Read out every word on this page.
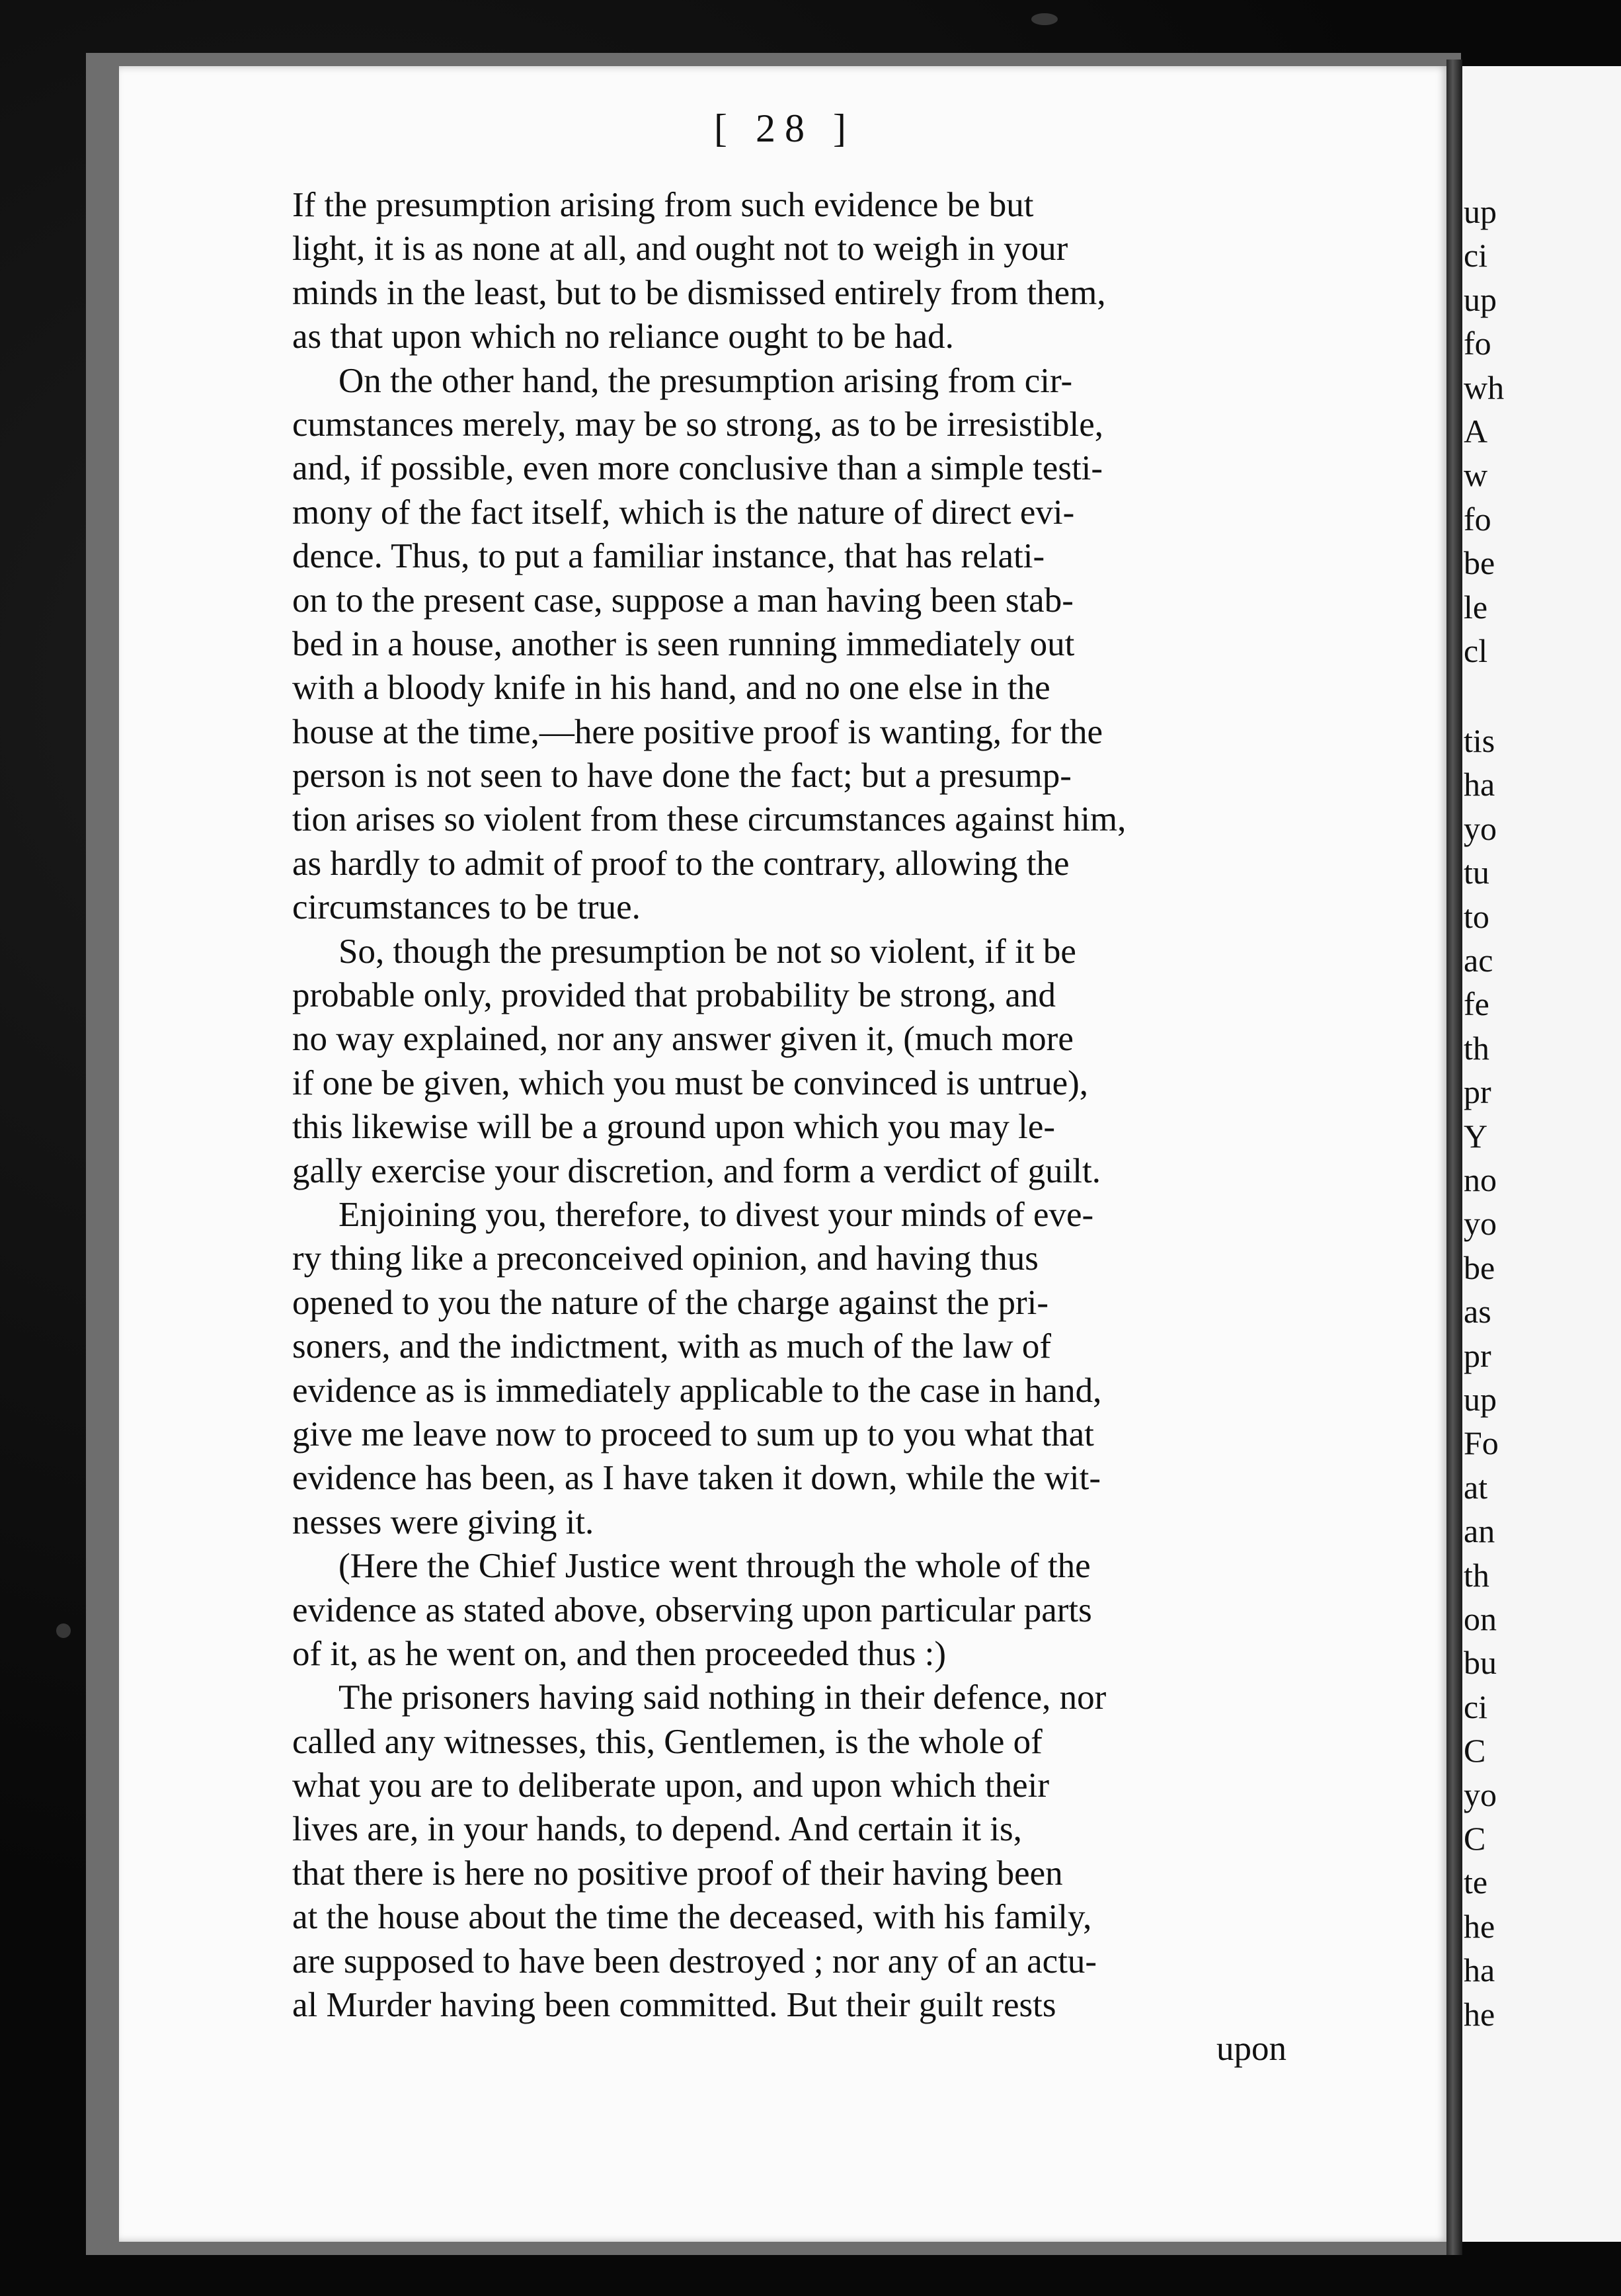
up
ci
up
fo
wh
A
w
fo
be
le
cl
tis
ha
yo
tu
to
ac
fe
th
pr
Y
no
yo
be
as
pr
up
Fo
at
an
th
on
bu
ci
C
yo
C
te
he
ha
he
[ 28 ]
If the presumption arising from such evidence be but
light, it is as none at all, and ought not to weigh in your
minds in the least, but to be dismissed entirely from them,
as that upon which no reliance ought to be had.
On the other hand, the presumption arising from cir-
cumstances merely, may be so strong, as to be irresistible,
and, if possible, even more conclusive than a simple testi-
mony of the fact itself, which is the nature of direct evi-
dence. Thus, to put a familiar instance, that has relati-
on to the present case, suppose a man having been stab-
bed in a house, another is seen running immediately out
with a bloody knife in his hand, and no one else in the
house at the time,—here positive proof is wanting, for the
person is not seen to have done the fact; but a presump-
tion arises so violent from these circumstances against him,
as hardly to admit of proof to the contrary, allowing the
circumstances to be true.
So, though the presumption be not so violent, if it be
probable only, provided that probability be strong, and
no way explained, nor any answer given it, (much more
if one be given, which you must be convinced is untrue),
this likewise will be a ground upon which you may le-
gally exercise your discretion, and form a verdict of guilt.
Enjoining you, therefore, to divest your minds of eve-
ry thing like a preconceived opinion, and having thus
opened to you the nature of the charge against the pri-
soners, and the indictment, with as much of the law of
evidence as is immediately applicable to the case in hand,
give me leave now to proceed to sum up to you what that
evidence has been, as I have taken it down, while the wit-
nesses were giving it.
(Here the Chief Justice went through the whole of the
evidence as stated above, observing upon particular parts
of it, as he went on, and then proceeded thus :)
The prisoners having said nothing in their defence, nor
called any witnesses, this, Gentlemen, is the whole of
what you are to deliberate upon, and upon which their
lives are, in your hands, to depend. And certain it is,
that there is here no positive proof of their having been
at the house about the time the deceased, with his family,
are supposed to have been destroyed ; nor any of an actu-
al Murder having been committed. But their guilt rests
upon
